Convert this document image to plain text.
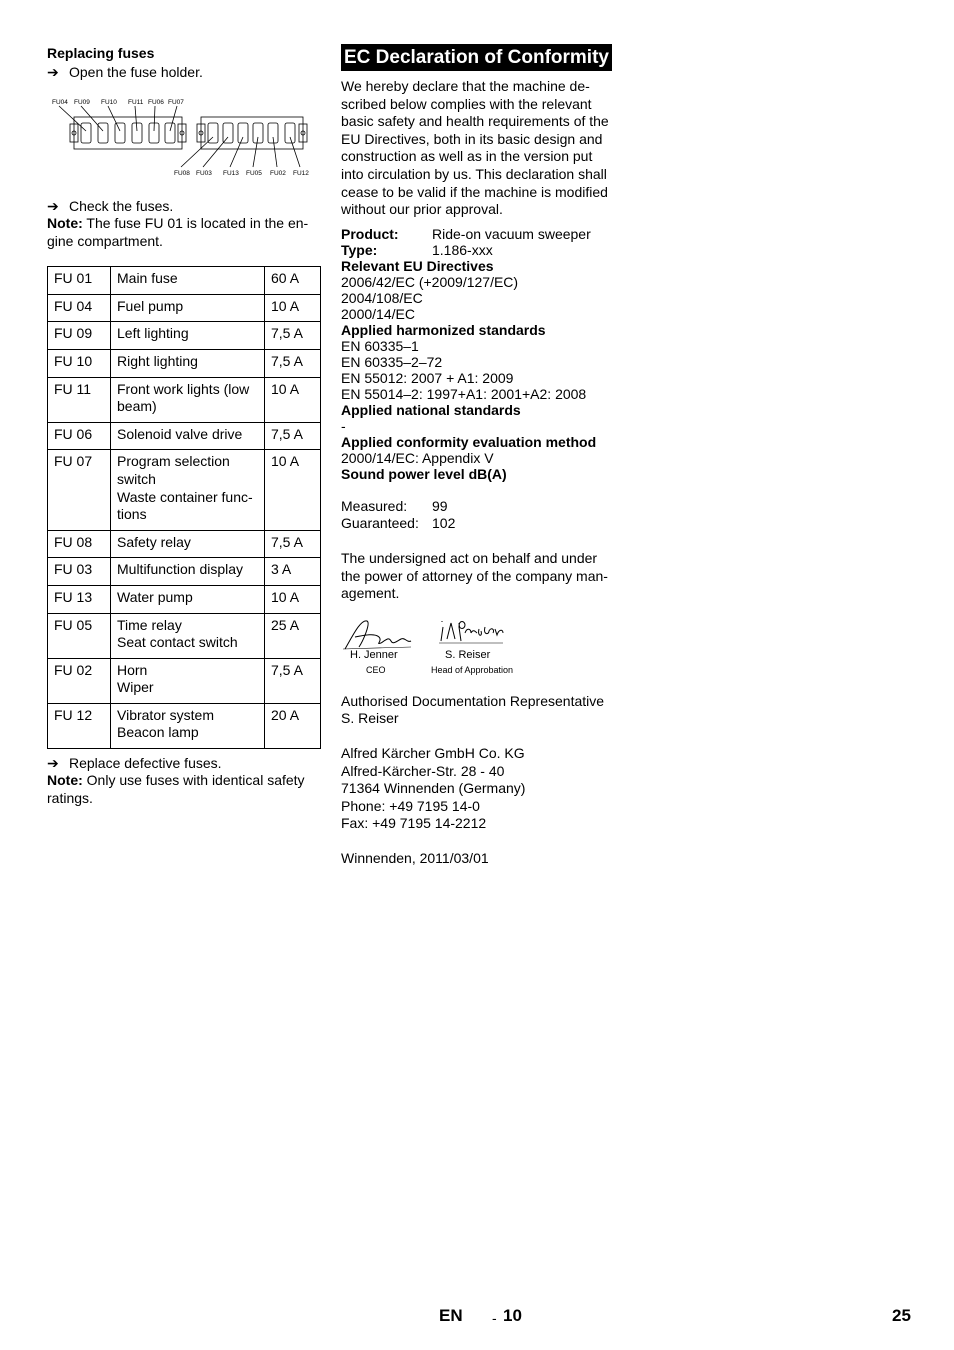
Replacing fuses
➔ Open the fuse holder.
FU04 FU09 FU10 FU11 FU06 FU07
FU08 FU03 FU13 FU05 FU02 FU12
➔ Check the fuses.

Note: The fuse FU 01 is located in the en-
gine compartment.

FU 01	Main fuse	60 A
FU 04	Fuel pump	10 A
FU 09	Left lighting	7,5 A
FU 10	Right lighting	7,5 A
FU 11	Front work lights (low
beam)	10 A
FU 06	Solenoid valve drive	7,5 A
FU 07	Program selection
switch
Waste container func-
tions	10 A
FU 08	Safety relay	7,5 A
FU 03	Multifunction display	3 A
FU 13	Water pump	10 A
FU 05	Time relay
Seat contact switch	25 A
FU 02	Horn
Wiper	7,5 A
FU 12	Vibrator system
Beacon lamp	20 A
➔ Replace defective fuses.

Note: Only use fuses with identical safety
ratings.

EC Declaration of Conformity

We hereby declare that the machine de-
scribed below complies with the relevant
basic safety and health requirements of the
EU Directives, both in its basic design and
construction as well as in the version put
into circulation by us. This declaration shall
cease to be valid if the machine is modified
without our prior approval.

Product:	Ride-on vacuum sweeper
Type:	1.186-xxx
Relevant EU Directives
2006/42/EC (+2009/127/EC)
2004/108/EC
2000/14/EC
Applied harmonized standards
EN 60335–1
EN 60335–2–72
EN 55012: 2007 + A1: 2009
EN 55014–2: 1997+A1: 2001+A2: 2008
Applied national standards
-
Applied conformity evaluation method
2000/14/EC: Appendix V
Sound power level dB(A)
Measured:	99
Guaranteed: 102

The undersigned act on behalf and under
the power of attorney of the company man-
agement.

H. Jenner
CEO
S. Reiser
Head of Approbation

Authorised Documentation Representative
S. Reiser

Alfred Kärcher GmbH Co. KG
Alfred-Kärcher-Str. 28 - 40
71364 Winnenden (Germany)
Phone: +49 7195 14-0
Fax: +49 7195 14-2212

Winnenden, 2011/03/01

EN - 10	25
